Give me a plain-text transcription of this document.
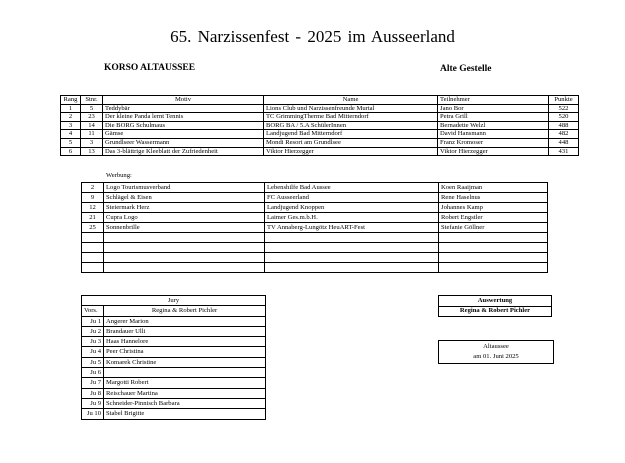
65. Narzissenfest - 2025 im Ausseerland
KORSO ALTAUSSEE	Alte Gestelle
Rang	Stnr.	Motiv	Name	Teilnehmer	Punkte
1	5	Teddybär	Lions Club und Narzissenfreunde Murtal	Jano Bor	522
2	23	Der kleine Panda lernt Tennis	TC GrimmingTherme Bad Mitterndorf	Petra Grill	520
3	14	Die BORG Schulmaus	BORG BA / 5.A SchülerInnen	Bernadette Welzl	488
4	11	Gämse	Landjugend Bad Mitterndorf	David Hansmann	482
5	3	Grundlseer Wassermann	Mondi Resort am Grundlsee	Franz Kromoser	448
6	13	Das 3-blättrige Kleeblatt der Zufriedenheit	Viktor Hierzegger	Viktor Hierzegger	431
Werbung:
2	Logo Tourismusverband	Lebenshilfe Bad Aussee	Koen Raaijman
9	Schlägel & Eisen	FC Ausseerland	Rene Haselnus
12	Steiermark Herz	Landjugend Knoppen	Johannes Kamp
21	Cupra Logo	Laimer Ges.m.b.H.	Robert Engstler
25	Sonnenbrille	TV Annaberg-Lungötz HeuART-Fest	Stefanie Göllner

Jury	
Vors.	Regina & Robert Pichler
Ju 1	Angerer Marion
Ju 2	Brandauer Ulli
Ju 3	Haas Hannelore
Ju 4	Peer Christina
Ju 5	Komarek Christine
Ju 6	
Ju 7	Margotti Robert
Ju 8	Reischauer Martina
Ju 9	Schneider-Pinnisch Barbara
Ju 10	Stabel Brigitte
Auswertung
Regina & Robert Pichler
Altaussee
am 01. Juni 2025
